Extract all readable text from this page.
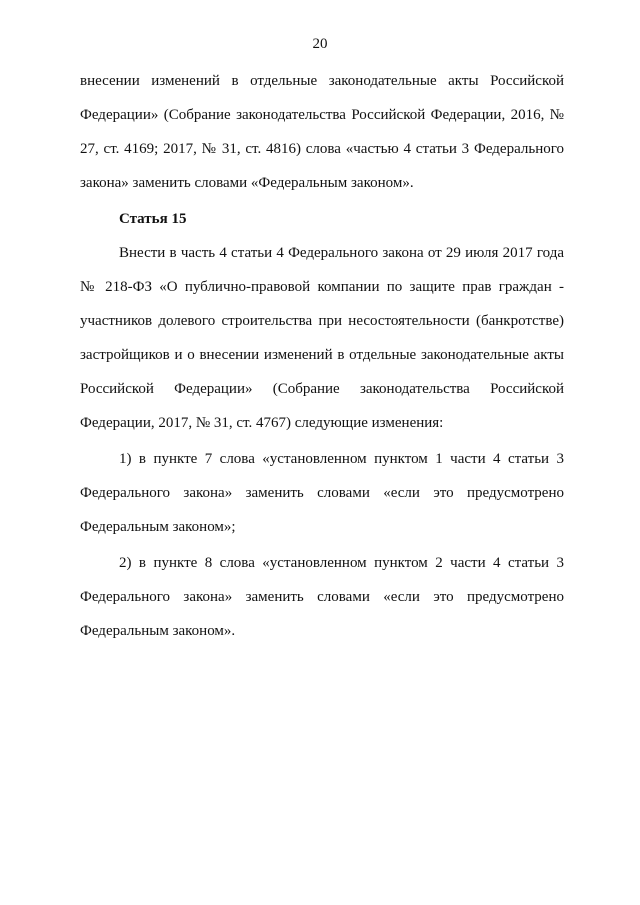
20

внесении изменений в отдельные законодательные акты Российской Федерации» (Собрание законодательства Российской Федерации, 2016, № 27, ст. 4169; 2017, № 31, ст. 4816) слова «частью 4 статьи 3 Федерального закона» заменить словами «Федеральным законом».

Статья 15

Внести в часть 4 статьи 4 Федерального закона от 29 июля 2017 года № 218-ФЗ «О публично-правовой компании по защите прав граждан - участников долевого строительства при несостоятельности (банкротстве) застройщиков и о внесении изменений в отдельные законодательные акты Российской Федерации» (Собрание законодательства Российской Федерации, 2017, № 31, ст. 4767) следующие изменения:

1) в пункте 7 слова «установленном пунктом 1 части 4 статьи 3 Федерального закона» заменить словами «если это предусмотрено Федеральным законом»;

2) в пункте 8 слова «установленном пунктом 2 части 4 статьи 3 Федерального закона» заменить словами «если это предусмотрено Федеральным законом».
